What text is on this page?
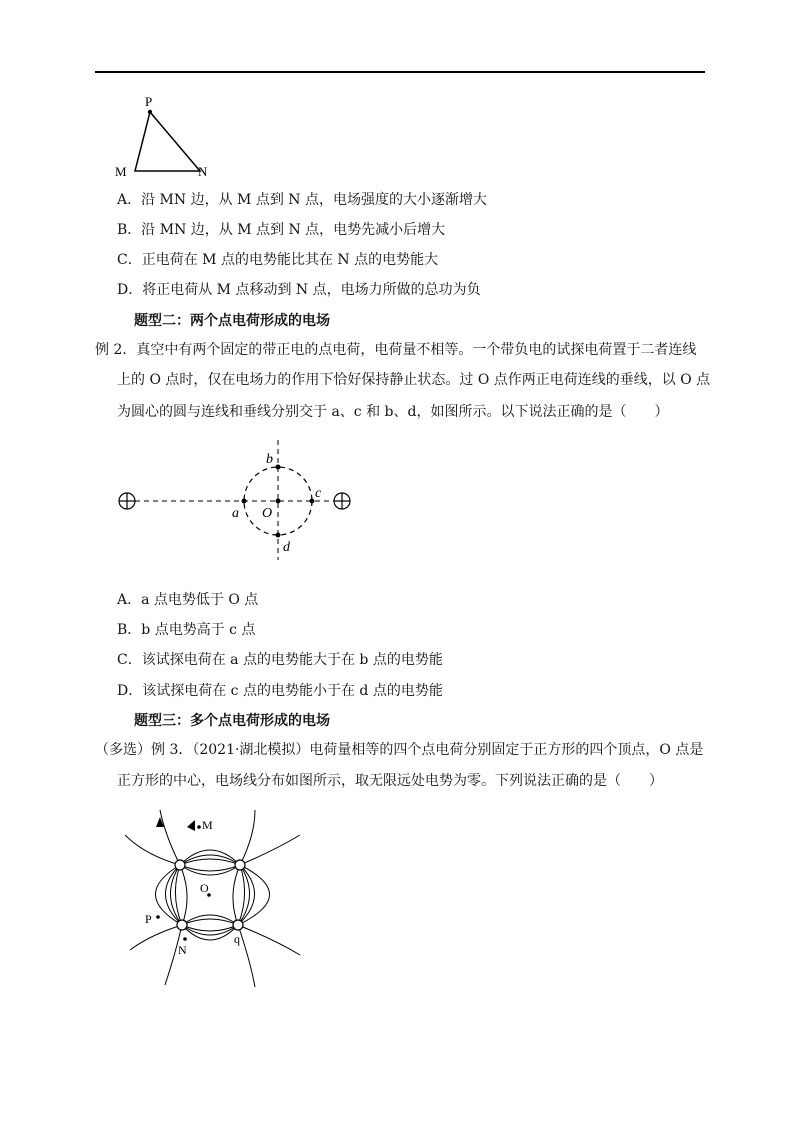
P
M	N
A．沿 MN 边，从 M 点到 N 点，电场强度的大小逐渐增大
B．沿 MN 边，从 M 点到 N 点，电势先减小后增大
C．正电荷在 M 点的电势能比其在 N 点的电势能大
D．将正电荷从 M 点移动到 N 点，电场力所做的总功为负
题型二：两个点电荷形成的电场
例 2．真空中有两个固定的带正电的点电荷，电荷量不相等。一个带负电的试探电荷置于二者连线
上的 O 点时，仅在电场力的作用下恰好保持静止状态。过 O 点作两正电荷连线的垂线，以 O 点
为圆心的圆与连线和垂线分别交于 a、c 和 b、d，如图所示。以下说法正确的是（　　）
a
b
c
d
O
A．a 点电势低于 O 点
B．b 点电势高于 c 点
C．该试探电荷在 a 点的电势能大于在 b 点的电势能
D．该试探电荷在 c 点的电势能小于在 d 点的电势能
题型三：多个点电荷形成的电场
（多选）例 3．（2021·湖北模拟）电荷量相等的四个点电荷分别固定于正方形的四个顶点，O 点是
正方形的中心，电场线分布如图所示，取无限远处电势为零。下列说法正确的是（　　）
M
O
P
N
q
